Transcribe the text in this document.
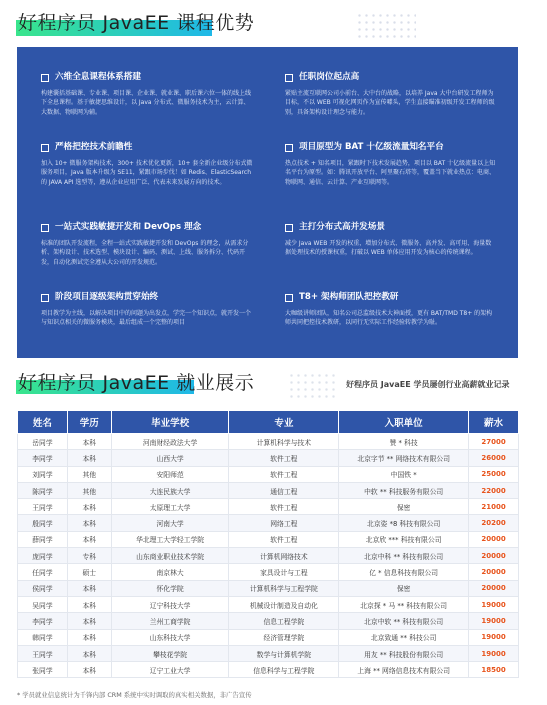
好程序员 JavaEE 课程优势
六维全息课程体系搭建
构建囊括基础课、专业课、项目课、企业课、就业课、职后课六位一体的线上线下全息课程。基于敏捷思维设计，以 Java 分布式、微服务技术为主，云计算、大数据、物联网为辅。
任职岗位起点高
紧贴主流互联网公司小前台、大中台的战略，以培养 Java 大中台研发工程师为目标，不以 WEB 可视化网页作为宣传噱头，学生直接瞄准初级开发工程师的级别，具备架构设计理念与能力。
严格把控技术前瞻性
加入 10+ 微服务架构技术，300+ 技术优化更新，10+ 套全新企业级分布式微服务项目，Java 版本升级为 SE11，紧跟市场步伐！如 Redis、ElasticSearch 的 JAVA API 选型等，遵从企业应用广泛、代表未来发展方向的技术。
项目原型为 BAT 十亿级流量知名平台
热点技术 + 知名项目，紧跟时下技术发展趋势，项目以 BAT 十亿级流量以上知名平台为原型。如：腾讯开放平台、阿里聚石塔等，覆盖当下就业热点：电商、物联网、通信、云计算、产业互联网等。
一站式实践敏捷开发和 DevOps 理念
标准的团队开发流程，全程一站式实践敏捷开发和 DevOps 的理念，从需求分析、架构设计、技术选型、模块设计、编码、测试、上线、服务拆分、代码开发，自动化测试完全遵从大公司的开发规范。
主打分布式高并发场景
减少 Java WEB 开发的权重，增加分布式、微服务、高并发、高可用、海量数据处理技术的授课权重，打破以 WEB 单体应用开发为核心的传统课程。
阶段项目逐级架构贯穿始终
项目教学为主线，以解决项目中的问题为出发点，学完一个知识点，就开发一个与知识点相关的微服务模块，最后组成一个完整的项目
T8+ 架构师团队把控教研
大咖级讲师团队，知名公司总监级技术大神面授，更有 BAT/TMD T8+ 的架构师共同把控技术教研，以同行无实际工作经验转教学为耻。
好程序员 JavaEE 就业展示	好程序员 JavaEE 学员屡创行业高薪就业记录
姓名	学历	毕业学校	专业	入职单位	薪水
岳同学	本科	河南财经政法大学	计算机科学与技术	赞 * 科技	27000
李同学	本科	山西大学	软件工程	北京字节 ** 网络技术有限公司	26000
刘同学	其他	安阳师范	软件工程	中国铁 *	25000
陈同学	其他	大连民族大学	通信工程	中软 ** 科技服务有限公司	22000
王同学	本科	太原理工大学	软件工程	保密	21000
殷同学	本科	河南大学	网络工程	北京姿 *8 科技有限公司	20200
薛同学	本科	华北理工大学轻工学院	软件工程	北京欣 *** 科技有限公司	20000
庞同学	专科	山东商业职业技术学院	计算机网络技术	北京中科 ** 科技有限公司	20000
任同学	硕士	南京林大	家具设计与工程	亿 * 信息科技有限公司	20000
侯同学	本科	怀化学院	计算机科学与工程学院	保密	20000
吴同学	本科	辽宁科技大学	机械设计制造及自动化	北京探 * 马 ** 科技有限公司	19000
李同学	本科	兰州工商学院	信息工程学院	北京中软 ** 科技有限公司	19000
韩同学	本科	山东科技大学	经济管理学院	北京致通 ** 科技公司	19000
王同学	本科	攀枝花学院	数学与计算机学院	用友 ** 科技股份有限公司	19000
张同学	本科	辽宁工业大学	信息科学与工程学院	上海 ** 网络信息技术有限公司	18500
* 学员就业信息统计为千锋内部 CRM 系统中实时调取的真实相关数据，非广告宣传
